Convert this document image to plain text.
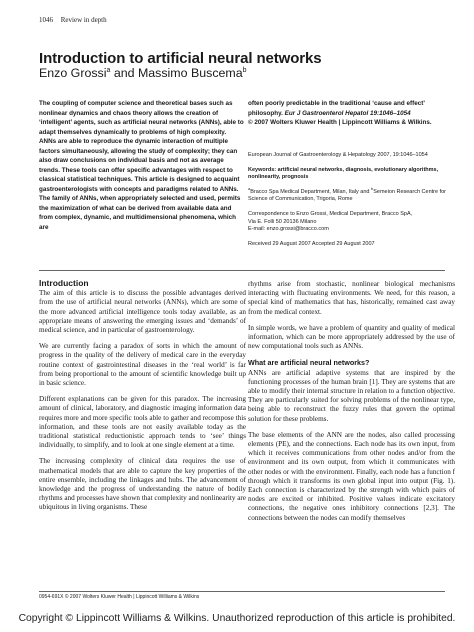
1046 Review in depth
Introduction to artificial neural networks
Enzo Grossi$^a$ and Massimo Buscema$^b$
The coupling of computer science and theoretical bases such as nonlinear dynamics and chaos theory allows the creation of ‘intelligent’ agents, such as artificial neural networks (ANNs), able to adapt themselves dynamically to problems of high complexity. ANNs are able to reproduce the dynamic interaction of multiple factors simultaneously, allowing the study of complexity; they can also draw conclusions on individual basis and not as average trends. These tools can offer specific advantages with respect to classical statistical techniques. This article is designed to acquaint gastroenterologists with concepts and paradigms related to ANNs. The family of ANNs, when appropriately selected and used, permits the maximization of what can be derived from available data and from complex, dynamic, and multidimensional phenomena, which are
often poorly predictable in the traditional ‘cause and effect’ philosophy. Eur J Gastroenterol Hepatol 19:1046–1054
© 2007 Wolters Kluwer Health | Lippincott Williams & Wilkins.

European Journal of Gastroenterology & Hepatology 2007, 19:1046–1054

Keywords: artificial neural networks, diagnosis, evolutionary algorithms, nonlinearity, prognosis

$^a$Bracco Spa Medical Department, Milan, Italy and $^b$Semeion Research Centre for Science of Communication, Trigoria, Rome

Correspondence to Enzo Grossi, Medical Department, Bracco SpA,
Via E. Folli 50 20136 Milano
E-mail: enzo.grossi@bracco.com

Received 29 August 2007 Accepted 29 August 2007

Introduction

The aim of this article is to discuss the possible advantages derived from the use of artificial neural networks (ANNs), which are some of the more advanced artificial intelligence tools today available, as an appropriate means of answering the emerging issues and ‘demands’ of medical science, and in particular of gastroenterology.

We are currently facing a paradox of sorts in which the amount of progress in the quality of the delivery of medical care in the everyday routine context of gastrointestinal diseases in the ‘real world’ is far from being proportional to the amount of scientific knowledge built up in basic science.

Different explanations can be given for this paradox. The increasing amount of clinical, laboratory, and diagnostic imaging information data requires more and more specific tools able to gather and recompose this information, and these tools are not easily available today as the traditional statistical reductionistic approach tends to ‘see’ things individually, to simplify, and to look at one single element at a time.

The increasing complexity of clinical data requires the use of mathematical models that are able to capture the key properties of the entire ensemble, including the linkages and hubs. The advancement of knowledge and the progress of understanding the nature of bodily rhythms and processes have shown that complexity and nonlinearity are ubiquitous in living organisms. These

rhythms arise from stochastic, nonlinear biological mechanisms interacting with fluctuating environments. We need, for this reason, a special kind of mathematics that has, historically, remained cast away from the medical context.

In simple words, we have a problem of quantity and quality of medical information, which can be more appropriately addressed by the use of new computational tools such as ANNs.

What are artificial neural networks?

ANNs are artificial adaptive systems that are inspired by the functioning processes of the human brain [1]. They are systems that are able to modify their internal structure in relation to a function objective. They are particularly suited for solving problems of the nonlinear type, being able to reconstruct the fuzzy rules that govern the optimal solution for these problems.

The base elements of the ANN are the nodes, also called processing elements (PE), and the connections. Each node has its own input, from which it receives communications from other nodes and/or from the environment and its own output, from which it communicates with other nodes or with the environment. Finally, each node has a function f through which it transforms its own global input into output (Fig. 1). Each connection is characterized by the strength with which pairs of nodes are excited or inhibited. Positive values indicate excitatory connections, the negative ones inhibitory connections [2,3]. The connections between the nodes can modify themselves

0954-691X © 2007 Wolters Kluwer Health | Lippincott Williams & Wilkins
Copyright © Lippincott Williams & Wilkins. Unauthorized reproduction of this article is prohibited.
